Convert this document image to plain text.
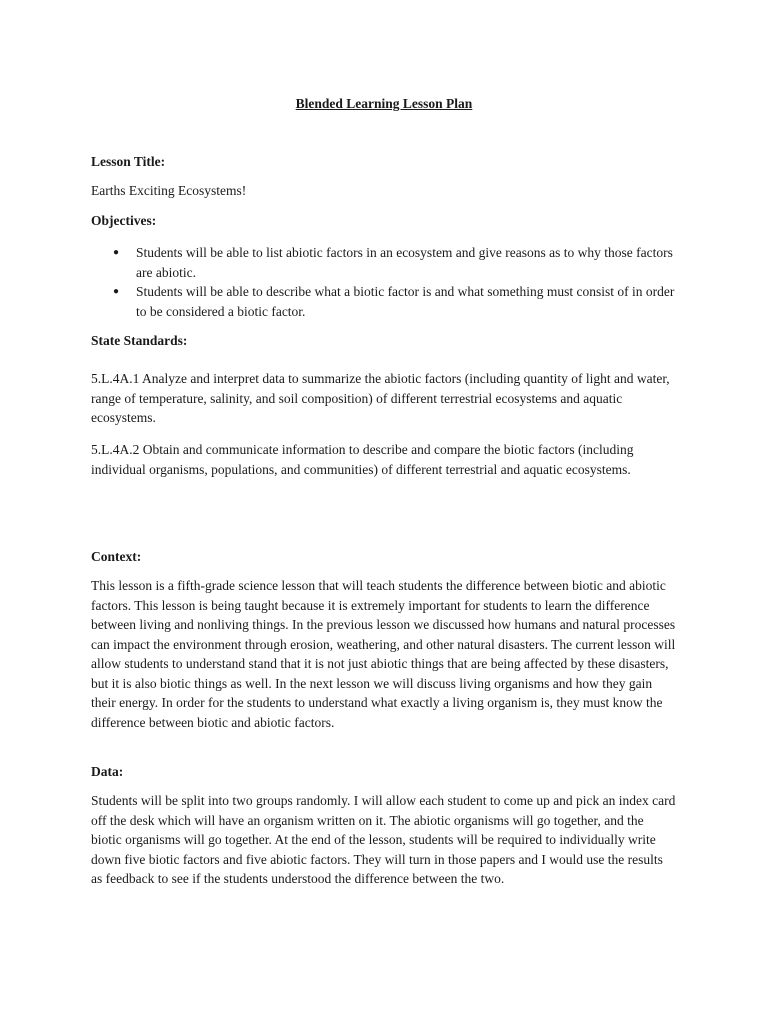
Blended Learning Lesson Plan
Lesson Title:

Earths Exciting Ecosystems!

Objectives:
● Students will be able to list abiotic factors in an ecosystem and give reasons as to why those factors are abiotic.
● Students will be able to describe what a biotic factor is and what something must consist of in order to be considered a biotic factor.
State Standards:

5.L.4A.1 Analyze and interpret data to summarize the abiotic factors (including quantity of light and water, range of temperature, salinity, and soil composition) of different terrestrial ecosystems and aquatic ecosystems.

5.L.4A.2 Obtain and communicate information to describe and compare the biotic factors (including individual organisms, populations, and communities) of different terrestrial and aquatic ecosystems.

Context:

This lesson is a fifth-grade science lesson that will teach students the difference between biotic and abiotic factors. This lesson is being taught because it is extremely important for students to learn the difference between living and nonliving things. In the previous lesson we discussed how humans and natural processes can impact the environment through erosion, weathering, and other natural disasters. The current lesson will allow students to understand stand that it is not just abiotic things that are being affected by these disasters, but it is also biotic things as well. In the next lesson we will discuss living organisms and how they gain their energy. In order for the students to understand what exactly a living organism is, they must know the difference between biotic and abiotic factors.

Data:

Students will be split into two groups randomly. I will allow each student to come up and pick an index card off the desk which will have an organism written on it. The abiotic organisms will go together, and the biotic organisms will go together. At the end of the lesson, students will be required to individually write down five biotic factors and five abiotic factors. They will turn in those papers and I would use the results as feedback to see if the students understood the difference between the two.
